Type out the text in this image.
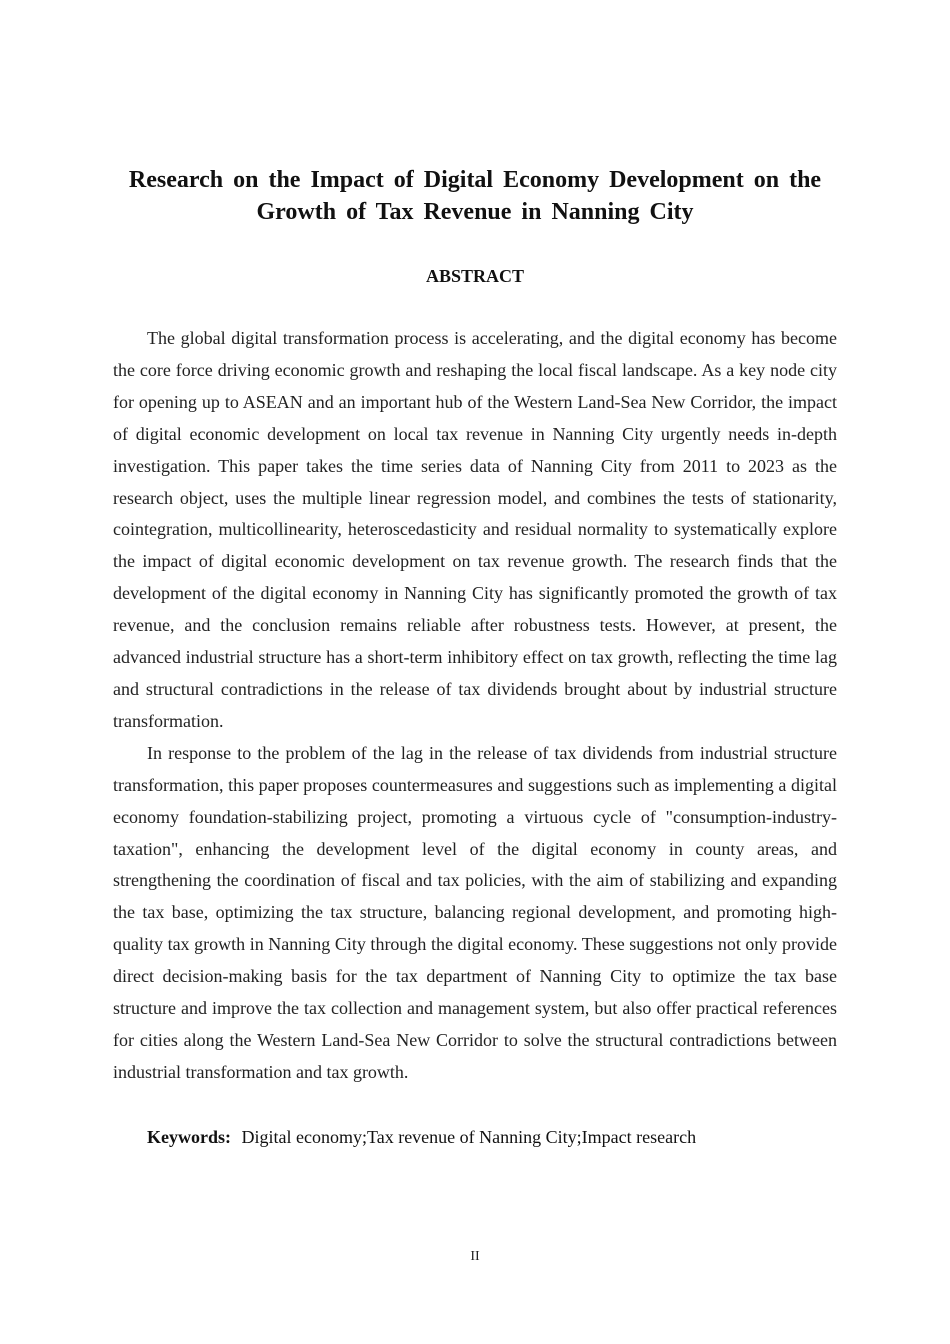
Research on the Impact of Digital Economy Development on the Growth of Tax Revenue in Nanning City
ABSTRACT

The global digital transformation process is accelerating, and the digital economy has become the core force driving economic growth and reshaping the local fiscal landscape. As a key node city for opening up to ASEAN and an important hub of the Western Land-Sea New Corridor, the impact of digital economic development on local tax revenue in Nanning City urgently needs in-depth investigation. This paper takes the time series data of Nanning City from 2011 to 2023 as the research object, uses the multiple linear regression model, and combines the tests of stationarity, cointegration, multicollinearity, heteroscedasticity and residual normality to systematically explore the impact of digital economic development on tax revenue growth. The research finds that the development of the digital economy in Nanning City has significantly promoted the growth of tax revenue, and the conclusion remains reliable after robustness tests. However, at present, the advanced industrial structure has a short-term inhibitory effect on tax growth, reflecting the time lag and structural contradictions in the release of tax dividends brought about by industrial structure transformation.

In response to the problem of the lag in the release of tax dividends from industrial structure transformation, this paper proposes countermeasures and suggestions such as implementing a digital economy foundation-stabilizing project, promoting a virtuous cycle of "consumption-industry-taxation", enhancing the development level of the digital economy in county areas, and strengthening the coordination of fiscal and tax policies, with the aim of stabilizing and expanding the tax base, optimizing the tax structure, balancing regional development, and promoting high-quality tax growth in Nanning City through the digital economy. These suggestions not only provide direct decision-making basis for the tax department of Nanning City to optimize the tax base structure and improve the tax collection and management system, but also offer practical references for cities along the Western Land-Sea New Corridor to solve the structural contradictions between industrial transformation and tax growth.

Keywords: Digital economy;Tax revenue of Nanning City;Impact research

II
